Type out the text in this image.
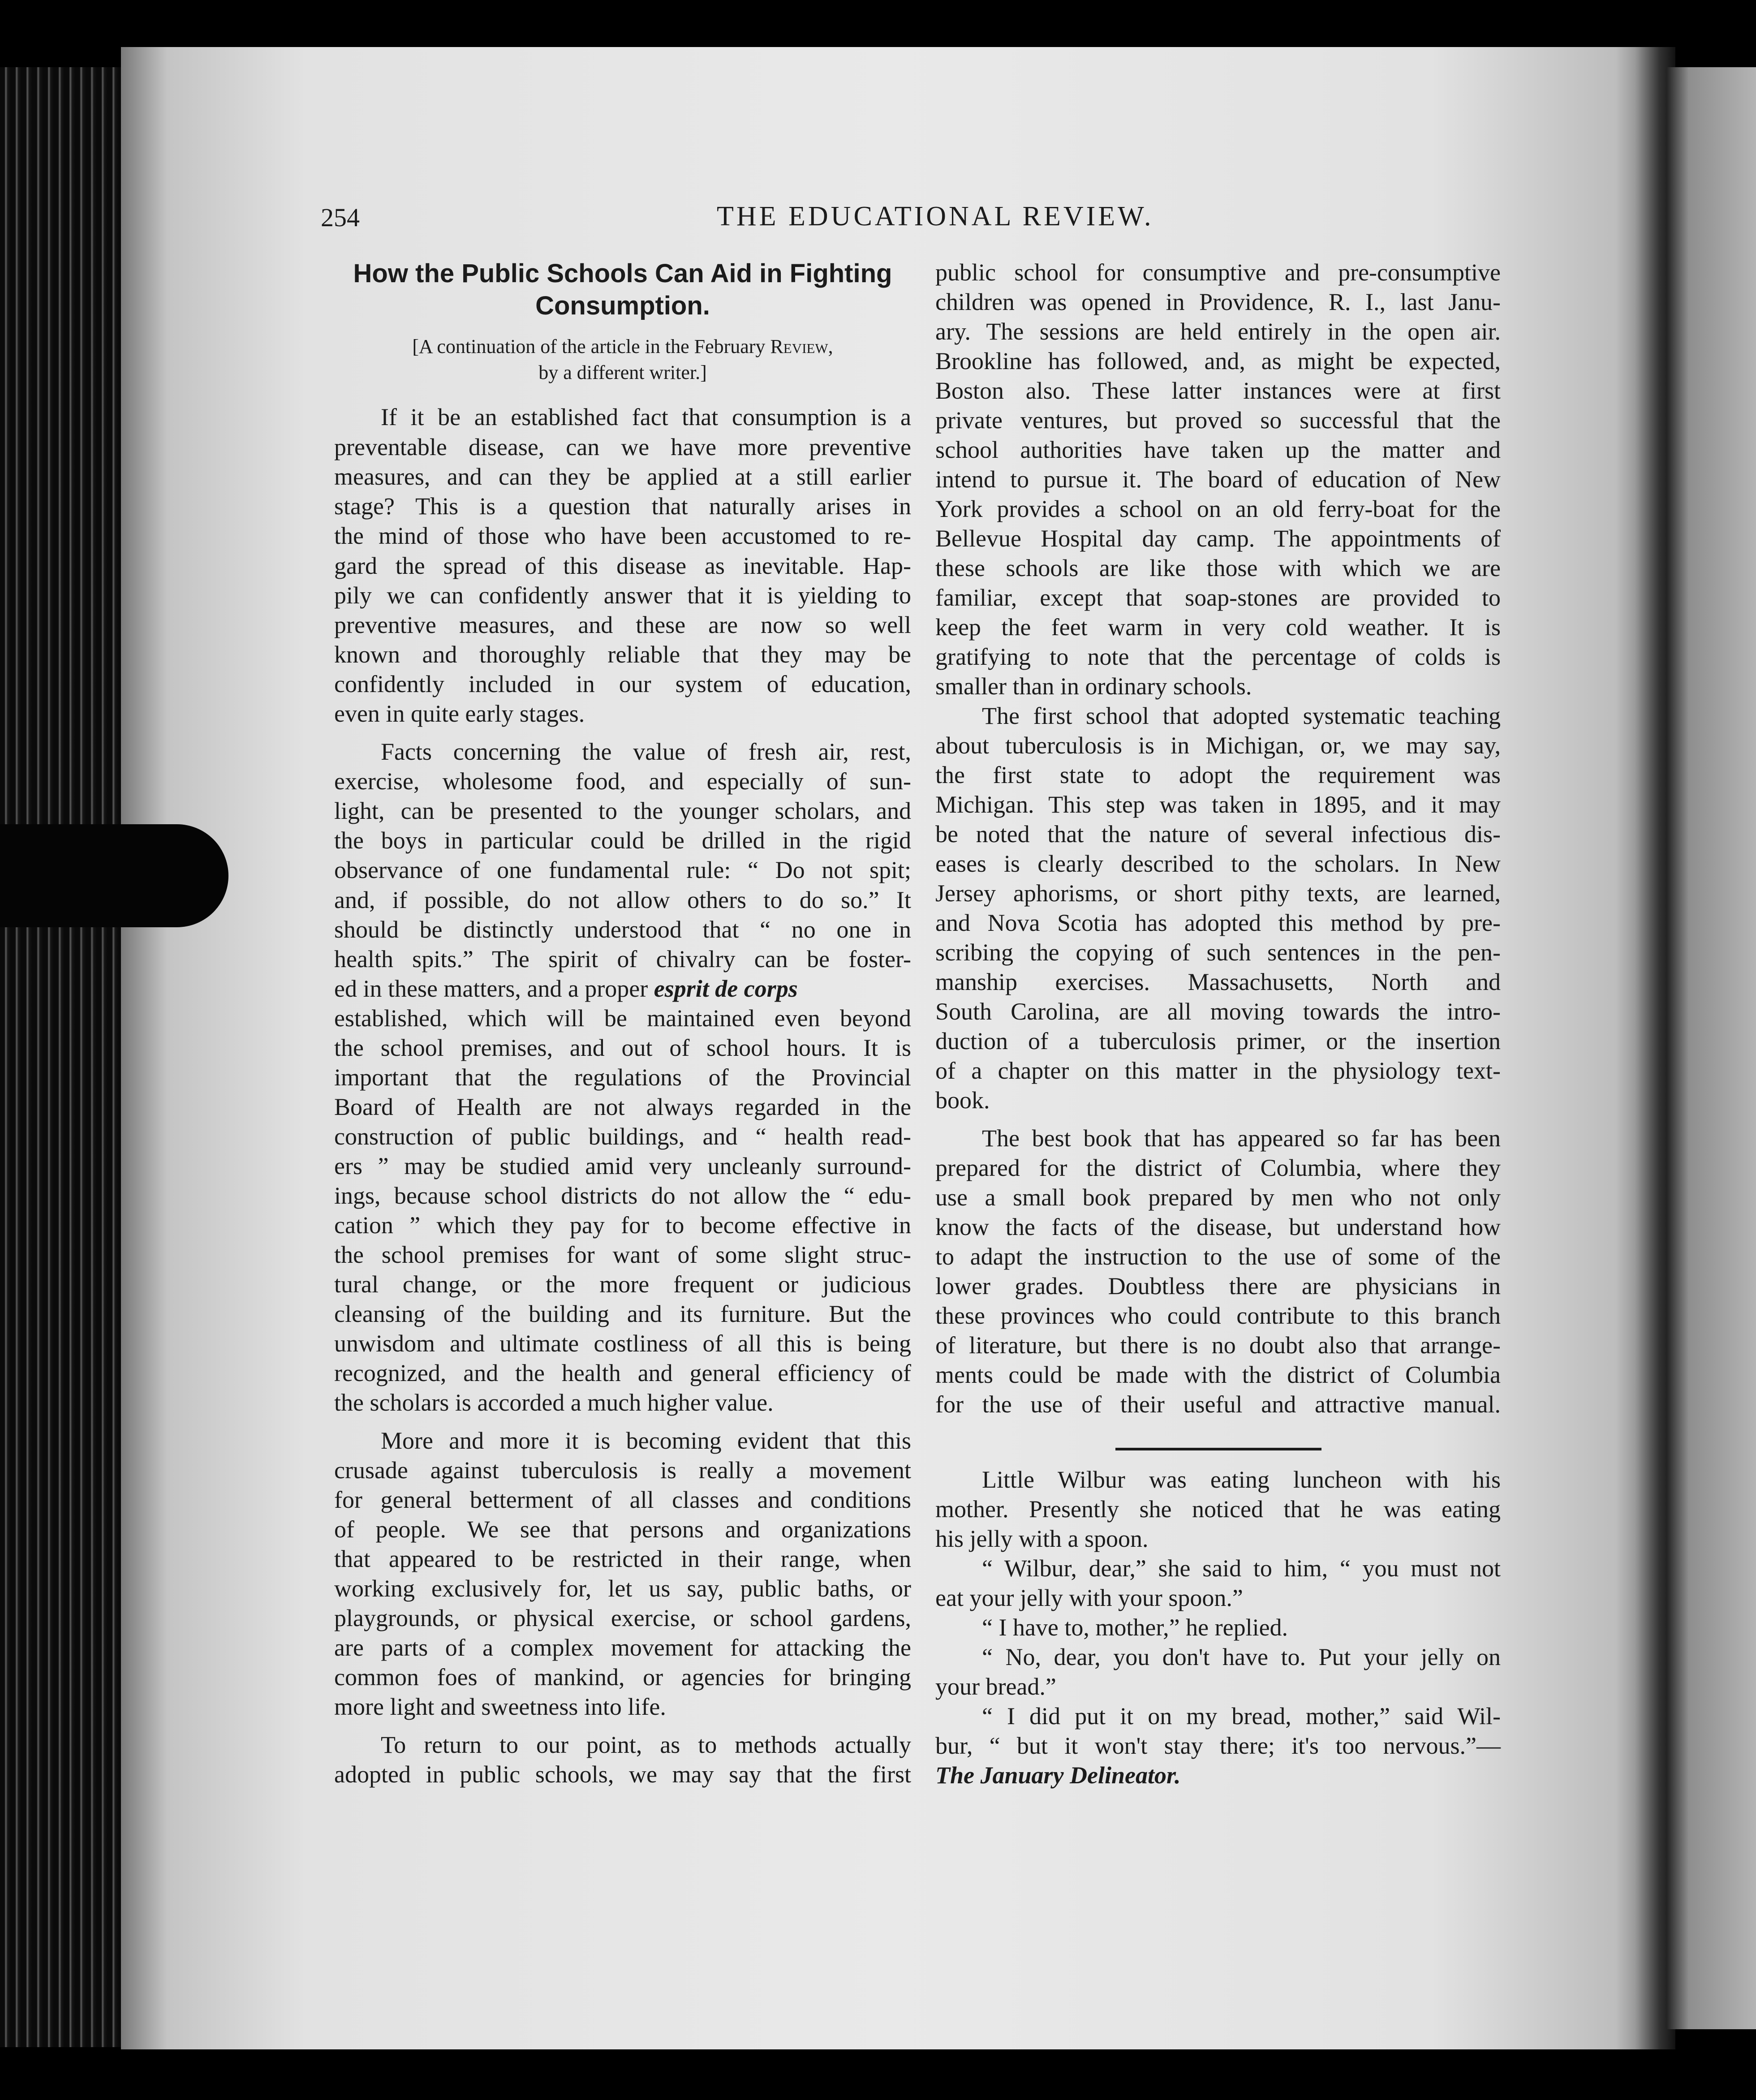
254	THE EDUCATIONAL REVIEW.

How the Public Schools Can Aid in Fighting
Consumption.
[A continuation of the article in the February Review,
by a different writer.]

If it be an established fact that consumption is a

preventable disease, can we have more preventive

measures, and can they be applied at a still earlier

stage? This is a question that naturally arises in

the mind of those who have been accustomed to re-

gard the spread of this disease as inevitable. Hap-

pily we can confidently answer that it is yielding to

preventive measures, and these are now so well

known and thoroughly reliable that they may be

confidently included in our system of education,

even in quite early stages.

Facts concerning the value of fresh air, rest,

exercise, wholesome food, and especially of sun-

light, can be presented to the younger scholars, and

the boys in particular could be drilled in the rigid

observance of one fundamental rule: “ Do not spit;

and, if possible, do not allow others to do so.” It

should be distinctly understood that “ no one in

health spits.” The spirit of chivalry can be foster-

ed in these matters, and a proper esprit de corps

established, which will be maintained even beyond

the school premises, and out of school hours. It is

important that the regulations of the Provincial

Board of Health are not always regarded in the

construction of public buildings, and “ health read-

ers ” may be studied amid very uncleanly surround-

ings, because school districts do not allow the “ edu-

cation ” which they pay for to become effective in

the school premises for want of some slight struc-

tural change, or the more frequent or judicious

cleansing of the building and its furniture. But the

unwisdom and ultimate costliness of all this is being

recognized, and the health and general efficiency of

the scholars is accorded a much higher value.

More and more it is becoming evident that this

crusade against tuberculosis is really a movement

for general betterment of all classes and conditions

of people. We see that persons and organizations

that appeared to be restricted in their range, when

working exclusively for, let us say, public baths, or

playgrounds, or physical exercise, or school gardens,

are parts of a complex movement for attacking the

common foes of mankind, or agencies for bringing

more light and sweetness into life.

To return to our point, as to methods actually

adopted in public schools, we may say that the first

public school for consumptive and pre-consumptive

children was opened in Providence, R. I., last Janu-

ary. The sessions are held entirely in the open air.

Brookline has followed, and, as might be expected,

Boston also. These latter instances were at first

private ventures, but proved so successful that the

school authorities have taken up the matter and

intend to pursue it. The board of education of New

York provides a school on an old ferry-boat for the

Bellevue Hospital day camp. The appointments of

these schools are like those with which we are

familiar, except that soap-stones are provided to

keep the feet warm in very cold weather. It is

gratifying to note that the percentage of colds is

smaller than in ordinary schools.

The first school that adopted systematic teaching

about tuberculosis is in Michigan, or, we may say,

the first state to adopt the requirement was

Michigan. This step was taken in 1895, and it may

be noted that the nature of several infectious dis-

eases is clearly described to the scholars. In New

Jersey aphorisms, or short pithy texts, are learned,

and Nova Scotia has adopted this method by pre-

scribing the copying of such sentences in the pen-

manship exercises. Massachusetts, North and

South Carolina, are all moving towards the intro-

duction of a tuberculosis primer, or the insertion

of a chapter on this matter in the physiology text-

book.

The best book that has appeared so far has been

prepared for the district of Columbia, where they

use a small book prepared by men who not only

know the facts of the disease, but understand how

to adapt the instruction to the use of some of the

lower grades. Doubtless there are physicians in

these provinces who could contribute to this branch

of literature, but there is no doubt also that arrange-

ments could be made with the district of Columbia

for the use of their useful and attractive manual.

Little Wilbur was eating luncheon with his

mother. Presently she noticed that he was eating

his jelly with a spoon.

“ Wilbur, dear,” she said to him, “ you must not

eat your jelly with your spoon.”

“ I have to, mother,” he replied.

“ No, dear, you don't have to. Put your jelly on

your bread.”

“ I did put it on my bread, mother,” said Wil-

bur, “ but it won't stay there; it's too nervous.”—

The January Delineator.
